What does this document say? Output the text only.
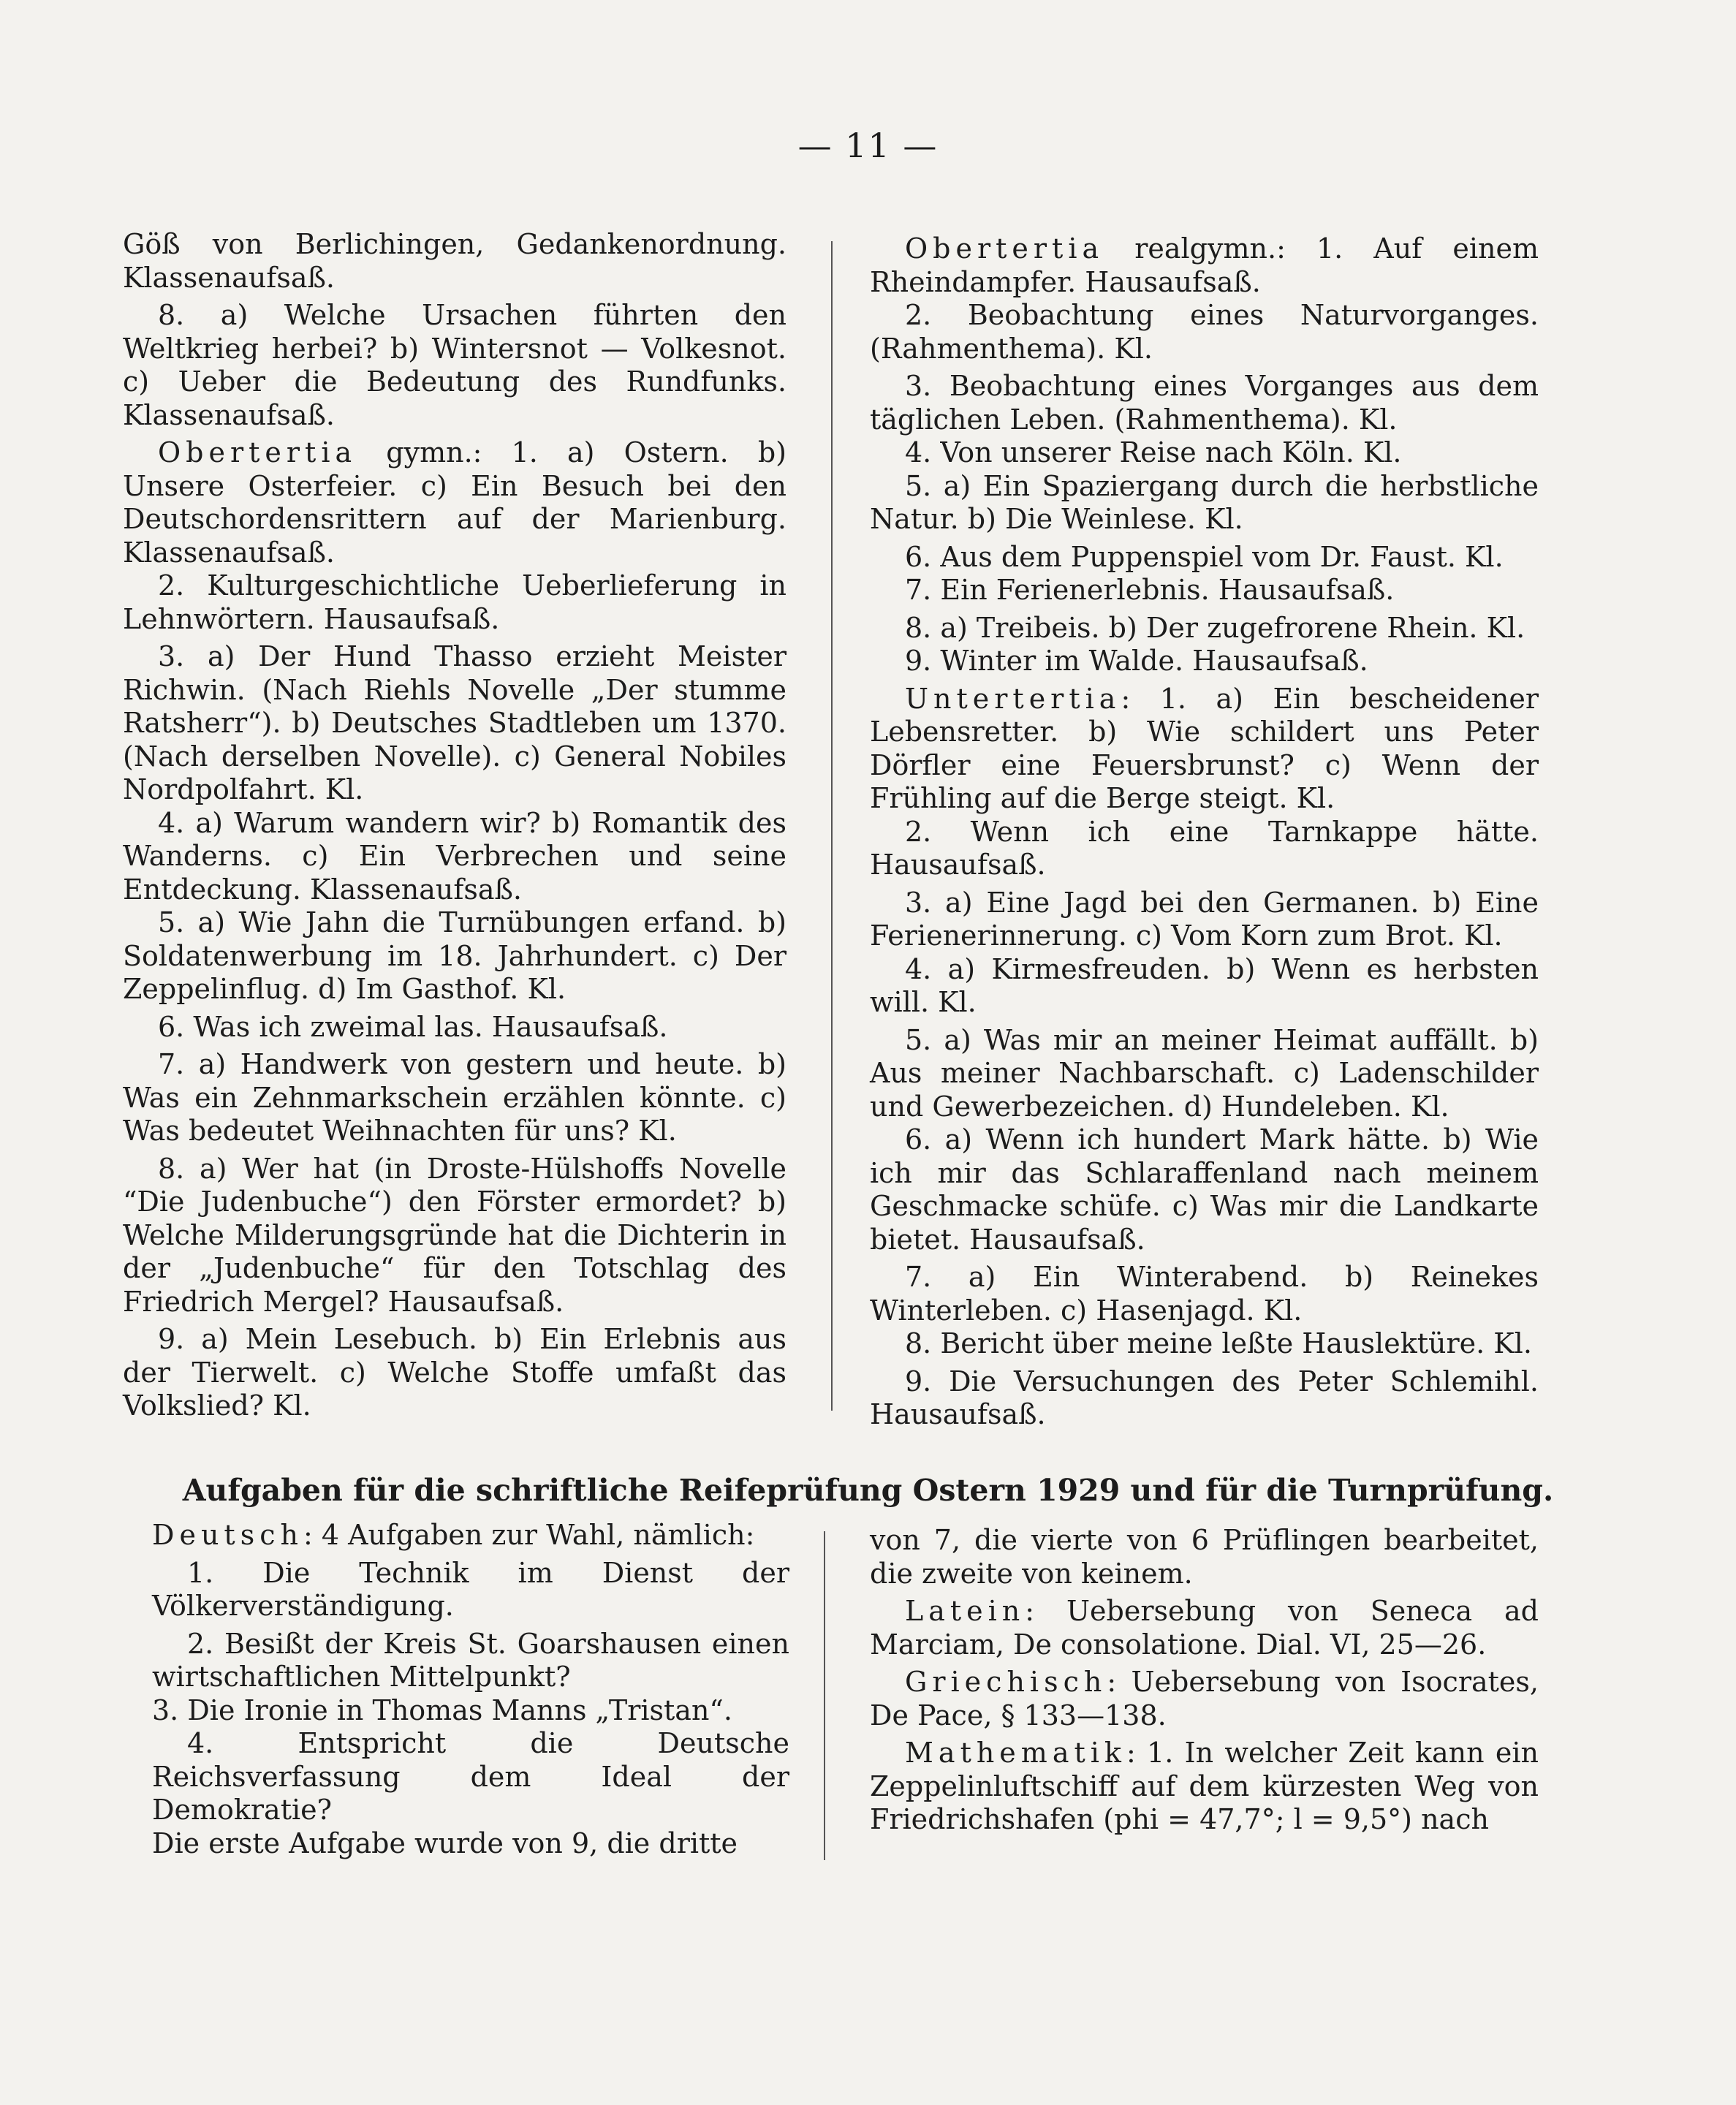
— 11 —

Göß von Berlichingen, Gedankenordnung. Klassenaufsaß.

8. a) Welche Ursachen führten den Weltkrieg herbei? b) Wintersnot — Volkesnot. c) Ueber die Bedeutung des Rundfunks. Klassenaufsaß.

Obertertia gymn.: 1. a) Ostern. b) Unsere Osterfeier. c) Ein Besuch bei den Deutschordensrittern auf der Marienburg. Klassenaufsaß.

2. Kulturgeschichtliche Ueberlieferung in Lehnwörtern. Hausaufsaß.

3. a) Der Hund Thasso erzieht Meister Richwin. (Nach Riehls Novelle „Der stumme Ratsherr“). b) Deutsches Stadtleben um 1370. (Nach derselben Novelle). c) General Nobiles Nordpolfahrt. Kl.

4. a) Warum wandern wir? b) Romantik des Wanderns. c) Ein Verbrechen und seine Entdeckung. Klassenaufsaß.

5. a) Wie Jahn die Turnübungen erfand. b) Soldatenwerbung im 18. Jahrhundert. c) Der Zeppelinflug. d) Im Gasthof. Kl.

6. Was ich zweimal las. Hausaufsaß.

7. a) Handwerk von gestern und heute. b) Was ein Zehnmarkschein erzählen könnte. c) Was bedeutet Weihnachten für uns? Kl.

8. a) Wer hat (in Droste-Hülshoffs Novelle “Die Judenbuche“) den Förster ermordet? b) Welche Milderungsgründe hat die Dichterin in der „Judenbuche“ für den Totschlag des Friedrich Mergel? Hausaufsaß.

9. a) Mein Lesebuch. b) Ein Erlebnis aus der Tierwelt. c) Welche Stoffe umfaßt das Volkslied? Kl.

Obertertia realgymn.: 1. Auf einem Rheindampfer. Hausaufsaß.

2. Beobachtung eines Naturvorganges. (Rahmenthema). Kl.

3. Beobachtung eines Vorganges aus dem täglichen Leben. (Rahmenthema). Kl.

4. Von unserer Reise nach Köln. Kl.

5. a) Ein Spaziergang durch die herbstliche Natur. b) Die Weinlese. Kl.

6. Aus dem Puppenspiel vom Dr. Faust. Kl.

7. Ein Ferienerlebnis. Hausaufsaß.

8. a) Treibeis. b) Der zugefrorene Rhein. Kl.

9. Winter im Walde. Hausaufsaß.

Untertertia: 1. a) Ein bescheidener Lebensretter. b) Wie schildert uns Peter Dörfler eine Feuersbrunst? c) Wenn der Frühling auf die Berge steigt. Kl.

2. Wenn ich eine Tarnkappe hätte. Hausaufsaß.

3. a) Eine Jagd bei den Germanen. b) Eine Ferienerinnerung. c) Vom Korn zum Brot. Kl.

4. a) Kirmesfreuden. b) Wenn es herbsten will. Kl.

5. a) Was mir an meiner Heimat auffällt. b) Aus meiner Nachbarschaft. c) Ladenschilder und Gewerbezeichen. d) Hundeleben. Kl.

6. a) Wenn ich hundert Mark hätte. b) Wie ich mir das Schlaraffenland nach meinem Geschmacke schüfe. c) Was mir die Landkarte bietet. Hausaufsaß.

7. a) Ein Winterabend. b) Reinekes Winterleben. c) Hasenjagd. Kl.

8. Bericht über meine leßte Hauslektüre. Kl.

9. Die Versuchungen des Peter Schlemihl. Hausaufsaß.

Aufgaben für die schriftliche Reifeprüfung Ostern 1929 und für die Turnprüfung.

Deutsch: 4 Aufgaben zur Wahl, nämlich:

1. Die Technik im Dienst der Völkerverständigung.

2. Besißt der Kreis St. Goarshausen einen wirtschaftlichen Mittelpunkt?

3. Die Ironie in Thomas Manns „Tristan“.

4. Entspricht die Deutsche Reichsverfassung dem Ideal der Demokratie?

Die erste Aufgabe wurde von 9, die dritte

von 7, die vierte von 6 Prüflingen bearbeitet, die zweite von keinem.

Latein: Uebersebung von Seneca ad Marciam, De consolatione. Dial. VI, 25—26.

Griechisch: Uebersebung von Isocrates, De Pace, § 133—138.

Mathematik: 1. In welcher Zeit kann ein Zeppelinluftschiff auf dem kürzesten Weg von Friedrichshafen (phi = 47,7°; l = 9,5°) nach
